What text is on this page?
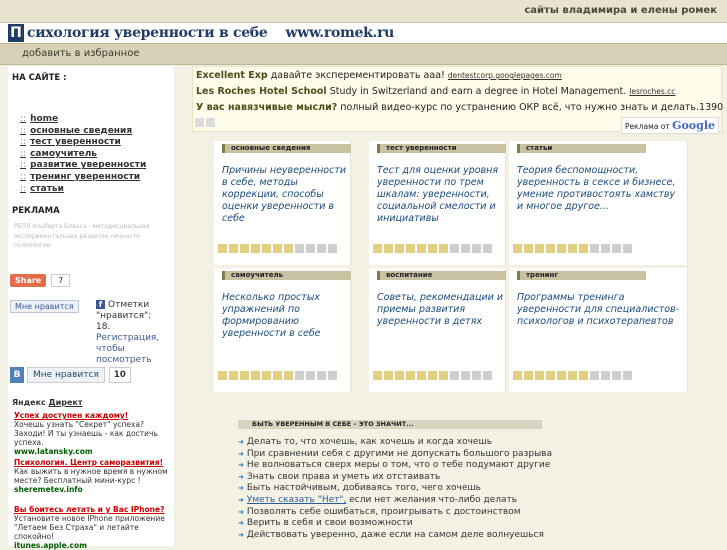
сайты владимира и елены ромек
П сихология уверенности в себе www.romek.ru
добавить в избранное
НА САЙТЕ :
:: home
:: основные сведения
:: тест уверенности
:: самоучитель
:: развитие уверенности
:: тренинг уверенности
:: статьи
РЕКЛАМА
РЕПЛ Альберта Бланса - методисциальная экспериментальная развитие личности психологии
Share	7
Мне нравится	f Отметки "нравится":
18.
Регистрация,
чтобы посмотреть
В	Мне нравится	10
Яндекс Директ
Успех доступен каждому!
Хочешь узнать "Секрет" успеха? Заходи! И ты узнаешь - как достичь успеха.
www.latansky.com
Психология. Центр саморазвития!
Как выжить в нужное время в нужном месте? Бесплатный мини-курс !
sheremetev.info
Вы боитесь летать и у Вас IPhone?
Установите новое IPhone приложение "Летаем Без Страха" и летайте спокойно!
itunes.apple.com
Excellent Exp давайте эксперементировать ааа! dentestcorp.googlepages.com
Les Roches Hotel School Study in Switzerland and earn a degree in Hotel Management. lesroches.cc
У вас навязчивые мысли? полный видео-курс по устранению ОКР всё, что нужно знать и делать.1390
Реклама от Google
основные сведения
Причины неуверенности в себе, методы коррекции, способы оценки уверенности в себе
тест уверенности
Тест для оценки уровня уверенности по трем шкалам: уверенности, социальной смелости и инициативы
статьи
Теория беспомощности, уверенность в сексе и бизнесе, умение противостоять хамству и многое другое...
самоучитель
Несколько простых упражнений по формированию уверенности в себе
воспитание
Советы, рекомендации и приемы развития уверенности в детях
тренинг
Программы тренинга уверенности для специалистов-психологов и психотерапевтов
БЫТЬ УВЕРЕННЫМ В СЕБЕ – ЭТО ЗНАЧИТ...
➜ Делать то, что хочешь, как хочешь и когда хочешь
➜ При сравнении себя с другими не допускать большого разрыва
➜ Не волноваться сверх меры о том, что о тебе подумают другие
➜ Знать свои права и уметь их отстаивать
➜ Быть настойчивым, добиваясь того, чего хочешь
➜ Уметь сказать "Нет", если нет желания что-либо делать
➜ Позволять себе ошибаться, проигрывать с достоинством
➜ Верить в себя и свои возможности
➜ Действовать уверенно, даже если на самом деле волнуешься
